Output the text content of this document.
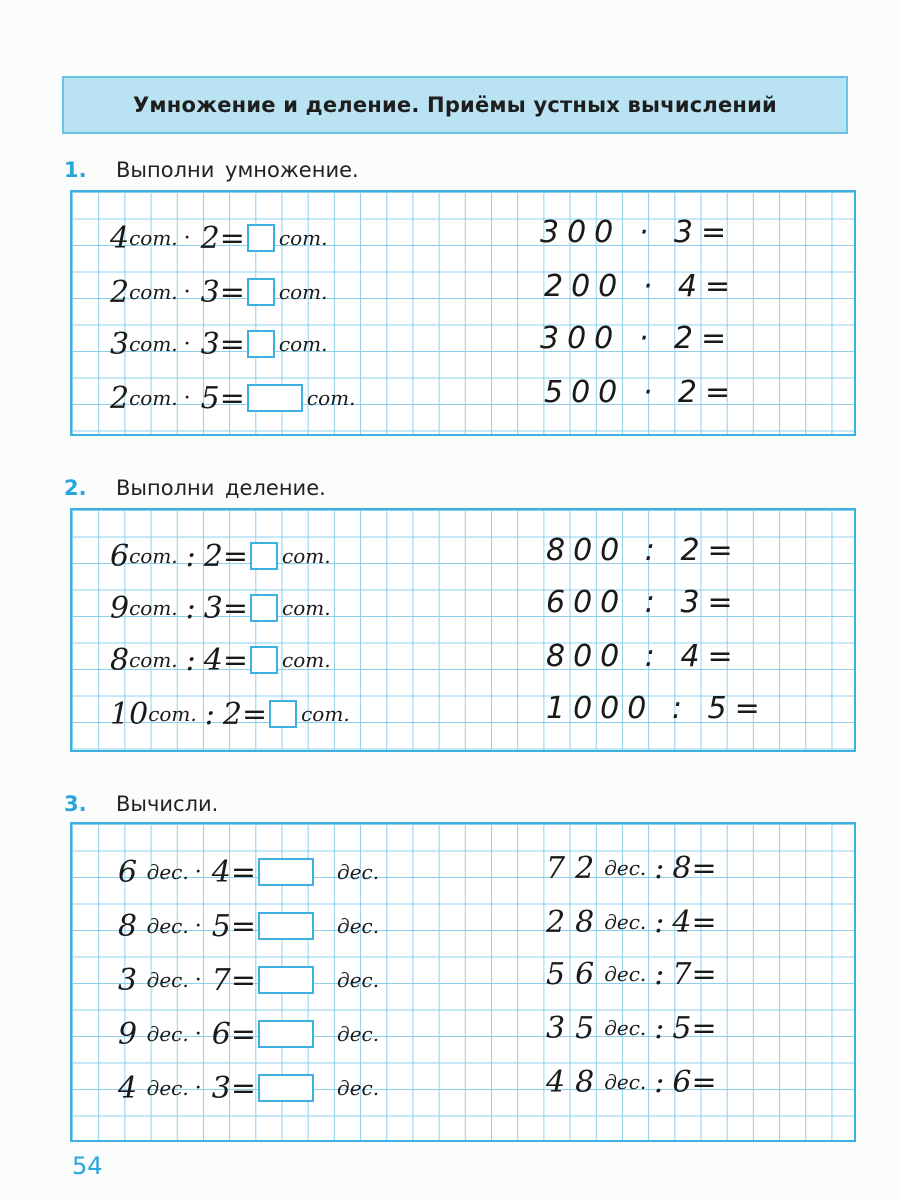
Умножение и деление. Приёмы устных вычислений
1.	Выполни умножение.
4 сот. · 2 = сот.
2 сот. · 3 = сот.
3 сот. · 3 = сот.
2 сот. · 5 =	сот.
300 · 3=
200 · 4=
300 · 2=
500 · 2=
2.	Выполни деление.
6 сот. : 2 = сот.
9 сот. : 3 = сот.
8 сот. : 4 = сот.
10 сот. : 2 = сот.
800 : 2=
600 : 3=
800 : 4=
1000 : 5=
3.	Вычисли.
6
дес. · 4 =
	дес.
8
дес. · 5 =
	дес.
3
дес. · 7 =
	дес.
9
дес. · 6 =
	дес.
4
дес. · 3 =
	дес.
72 дес. : 8 =
28 дес. : 4 =
56 дес. : 7 =
35 дес. : 5 =
48 дес. : 6 =
54
